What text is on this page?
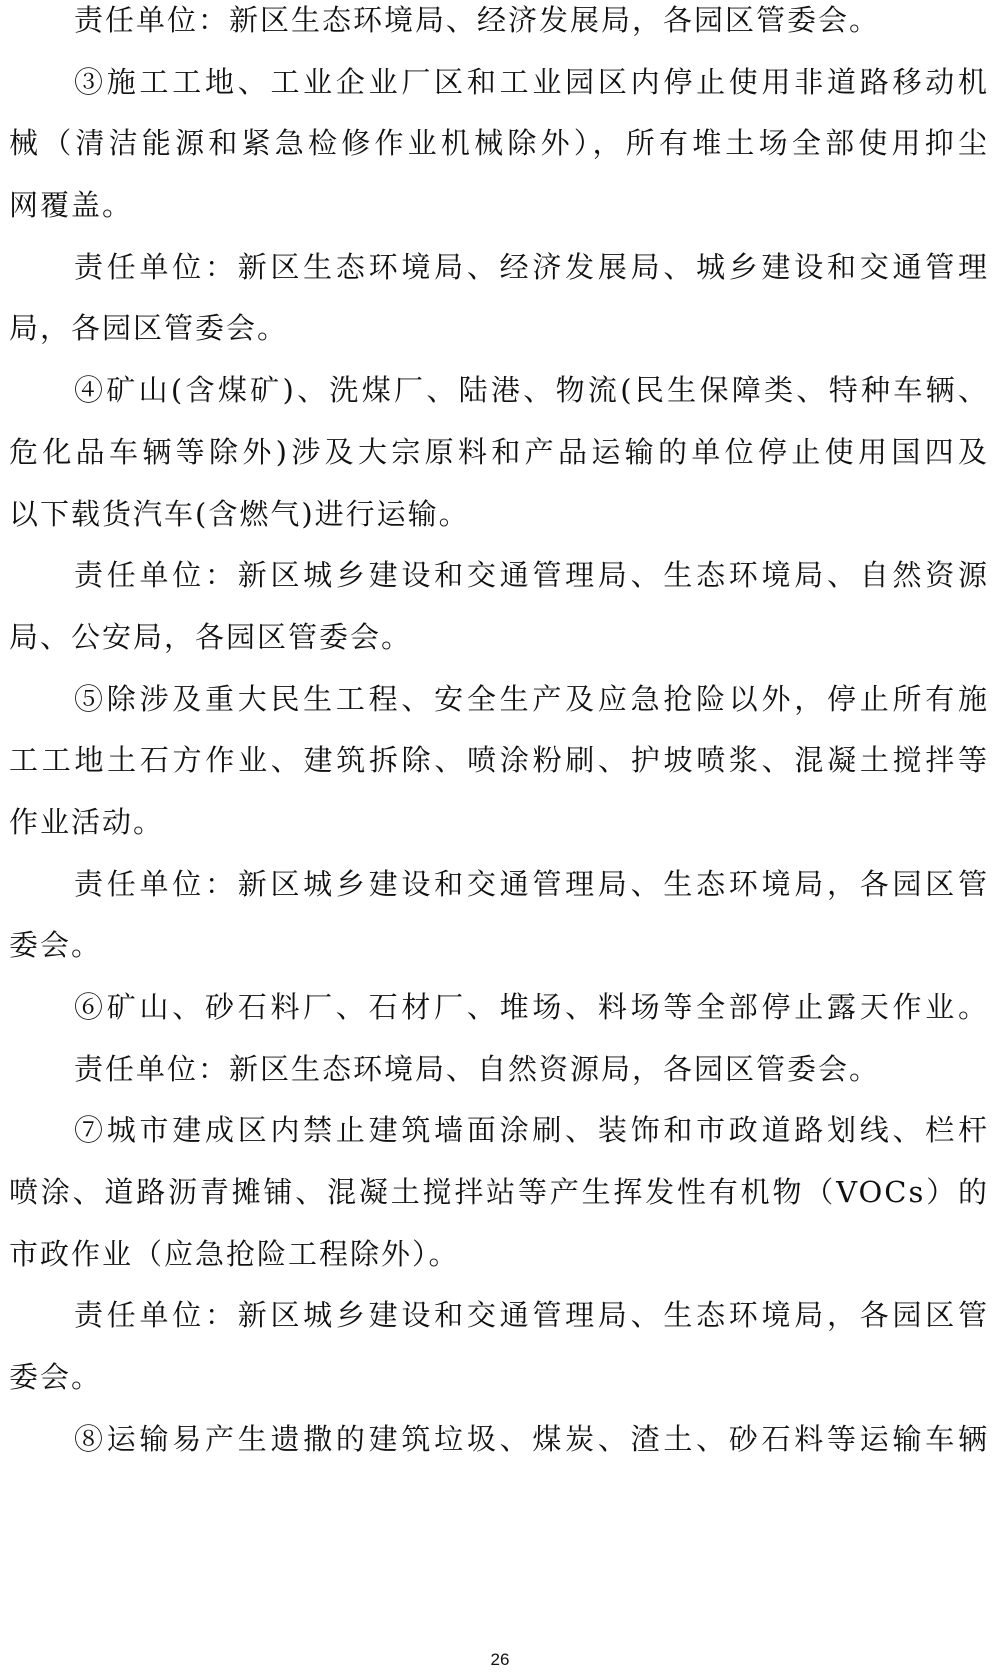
责任单位：新区生态环境局、经济发展局，各园区管委会。
③施工工地、工业企业厂区和工业园区内停止使用非道路移动机
械（清洁能源和紧急检修作业机械除外），所有堆土场全部使用抑尘
网覆盖。
责任单位：新区生态环境局、经济发展局、城乡建设和交通管理
局，各园区管委会。
④矿山(含煤矿)、洗煤厂、陆港、物流(民生保障类、特种车辆、
危化品车辆等除外)涉及大宗原料和产品运输的单位停止使用国四及
以下载货汽车(含燃气)进行运输。
责任单位：新区城乡建设和交通管理局、生态环境局、自然资源
局、公安局，各园区管委会。
⑤除涉及重大民生工程、安全生产及应急抢险以外，停止所有施
工工地土石方作业、建筑拆除、喷涂粉刷、护坡喷浆、混凝土搅拌等
作业活动。
责任单位：新区城乡建设和交通管理局、生态环境局，各园区管
委会。
⑥矿山、砂石料厂、石材厂、堆场、料场等全部停止露天作业。
责任单位：新区生态环境局、自然资源局，各园区管委会。
⑦城市建成区内禁止建筑墙面涂刷、装饰和市政道路划线、栏杆
喷涂、道路沥青摊铺、混凝土搅拌站等产生挥发性有机物（VOCs）的
市政作业（应急抢险工程除外）。
责任单位：新区城乡建设和交通管理局、生态环境局，各园区管
委会。
⑧运输易产生遗撒的建筑垃圾、煤炭、渣土、砂石料等运输车辆
26
